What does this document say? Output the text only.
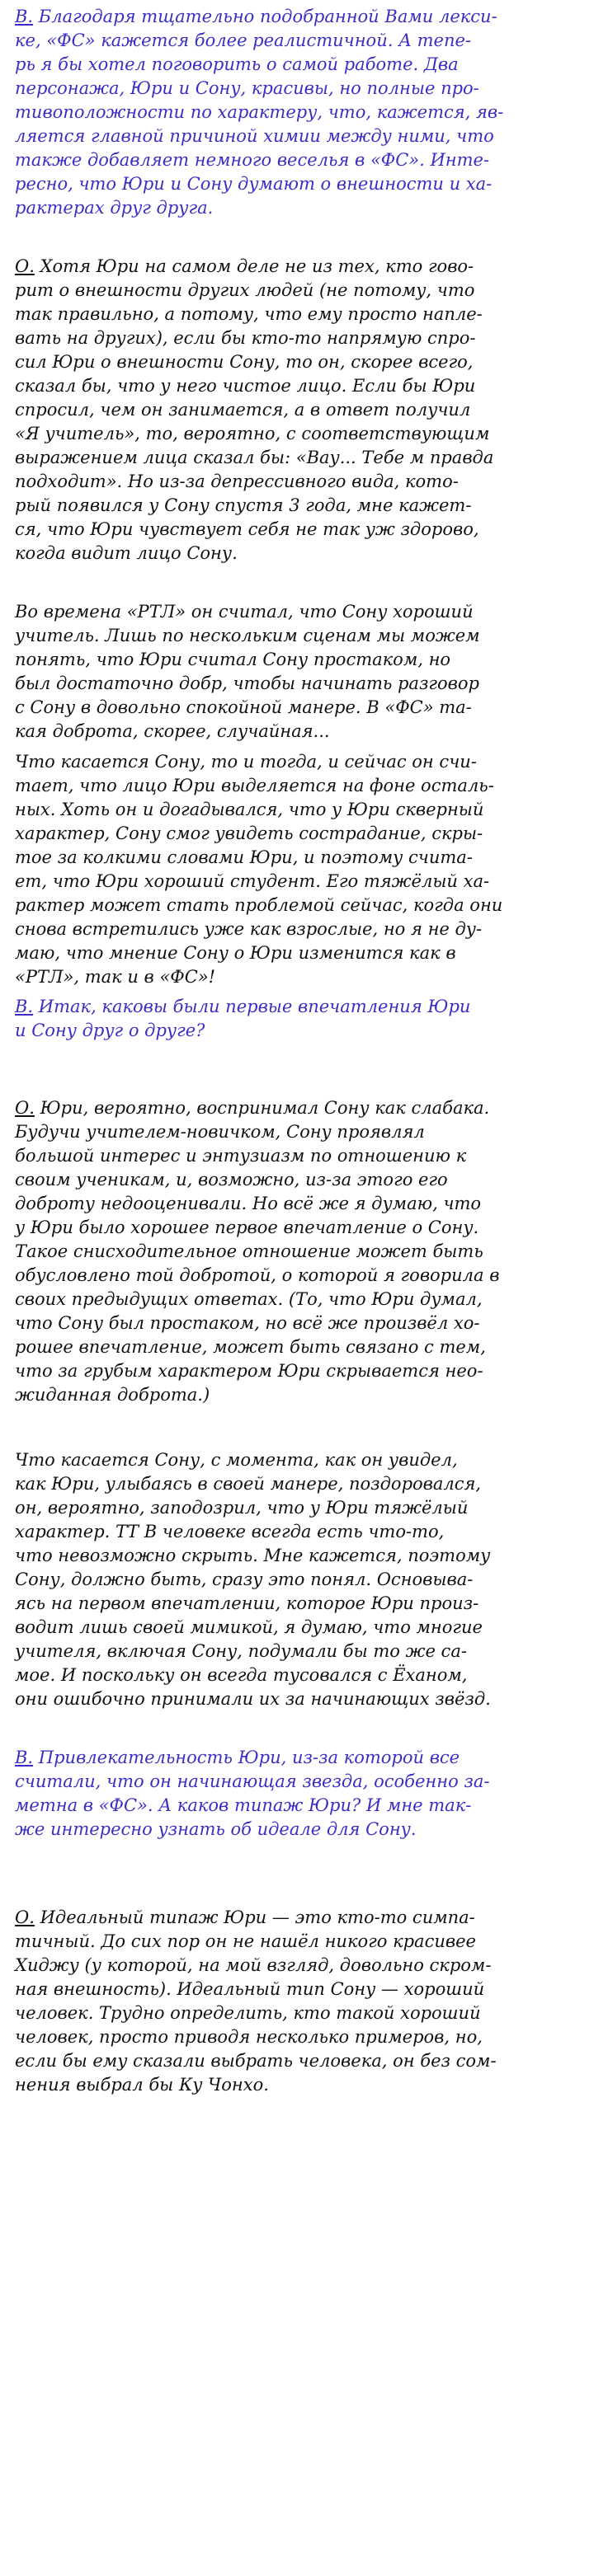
В. Благодаря тщательно подобранной Вами лекси-
ке, «ФС» кажется более реалистичной. А тепе-
рь я бы хотел поговорить о самой работе. Два
персонажа, Юри и Сону, красивы, но полные про-
тивоположности по характеру, что, кажется, яв-
ляется главной причиной химии между ними, что
также добавляет немного веселья в «ФС». Инте-
ресно, что Юри и Сону думают о внешности и ха-
рактерах друг друга.
О. Хотя Юри на самом деле не из тех, кто гово-
рит о внешности других людей (не потому, что
так правильно, а потому, что ему просто напле-
вать на других), если бы кто-то напрямую спро-
сил Юри о внешности Сону, то он, скорее всего,
сказал бы, что у него чистое лицо. Если бы Юри
спросил, чем он занимается, а в ответ получил
«Я учитель», то, вероятно, с соответствующим
выражением лица сказал бы: «Вау... Тебе м правда
подходит». Но из-за депрессивного вида, кото-
рый появился у Сону спустя 3 года, мне кажет-
ся, что Юри чувствует себя не так уж здорово,
когда видит лицо Сону.
Во времена «РТЛ» он считал, что Сону хороший
учитель. Лишь по нескольким сценам мы можем
понять, что Юри считал Сону простаком, но
был достаточно добр, чтобы начинать разговор
с Сону в довольно спокойной манере. В «ФС» та-
кая доброта, скорее, случайная...
Что касается Сону, то и тогда, и сейчас он счи-
тает, что лицо Юри выделяется на фоне осталь-
ных. Хоть он и догадывался, что у Юри скверный
характер, Сону смог увидеть сострадание, скры-
тое за колкими словами Юри, и поэтому счита-
ет, что Юри хороший студент. Его тяжёлый ха-
рактер может стать проблемой сейчас, когда они
снова встретились уже как взрослые, но я не ду-
маю, что мнение Сону о Юри изменится как в
«РТЛ», так и в «ФС»!
В. Итак, каковы были первые впечатления Юри
и Сону друг о друге?
О. Юри, вероятно, воспринимал Сону как слабака.
Будучи учителем-новичком, Сону проявлял
большой интерес и энтузиазм по отношению к
своим ученикам, и, возможно, из-за этого его
доброту недооценивали. Но всё же я думаю, что
у Юри было хорошее первое впечатление о Сону.
Такое снисходительное отношение может быть
обусловлено той добротой, о которой я говорила в
своих предыдущих ответах. (То, что Юри думал,
что Сону был простаком, но всё же произвёл хо-
рошее впечатление, может быть связано с тем,
что за грубым характером Юри скрывается нео-
жиданная доброта.)
Что касается Сону, с момента, как он увидел,
как Юри, улыбаясь в своей манере, поздоровался,
он, вероятно, заподозрил, что у Юри тяжёлый
характер. ТТ В человеке всегда есть что-то,
что невозможно скрыть. Мне кажется, поэтому
Сону, должно быть, сразу это понял. Основыва-
ясь на первом впечатлении, которое Юри произ-
водит лишь своей мимикой, я думаю, что многие
учителя, включая Сону, подумали бы то же са-
мое. И поскольку он всегда тусовался с Ёханом,
они ошибочно принимали их за начинающих звёзд.
В. Привлекательность Юри, из-за которой все
считали, что он начинающая звезда, особенно за-
метна в «ФС». А каков типаж Юри? И мне так-
же интересно узнать об идеале для Сону.
О. Идеальный типаж Юри — это кто-то симпа-
тичный. До сих пор он не нашёл никого красивее
Хиджу (у которой, на мой взгляд, довольно скром-
ная внешность). Идеальный тип Сону — хороший
человек. Трудно определить, кто такой хороший
человек, просто приводя несколько примеров, но,
если бы ему сказали выбрать человека, он без сом-
нения выбрал бы Ку Чонхо.
